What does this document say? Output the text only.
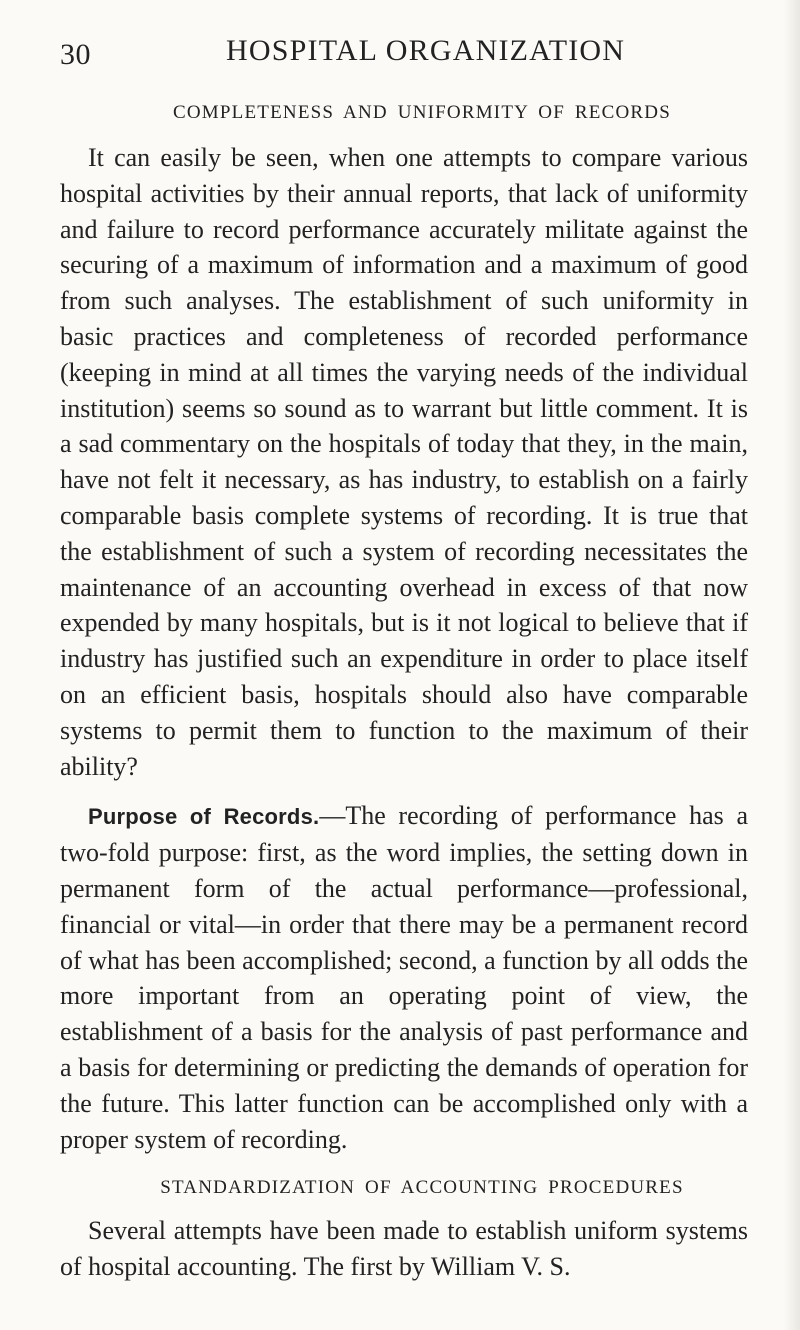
30	HOSPITAL ORGANIZATION
COMPLETENESS AND UNIFORMITY OF RECORDS

It can easily be seen, when one attempts to compare various hospital activities by their annual reports, that lack of uniformity and failure to record performance accurately militate against the securing of a maximum of information and a maximum of good from such analyses. The establishment of such uniformity in basic practices and completeness of recorded performance (keeping in mind at all times the varying needs of the individual institution) seems so sound as to warrant but little comment. It is a sad commentary on the hospitals of today that they, in the main, have not felt it necessary, as has industry, to establish on a fairly comparable basis complete systems of recording. It is true that the establishment of such a system of recording necessitates the maintenance of an accounting overhead in excess of that now expended by many hospitals, but is it not logical to believe that if industry has justified such an expenditure in order to place itself on an efficient basis, hospitals should also have comparable systems to permit them to function to the maximum of their ability?

Purpose of Records.—The recording of performance has a two-fold purpose: first, as the word implies, the setting down in permanent form of the actual performance—professional, financial or vital—in order that there may be a permanent record of what has been accomplished; second, a function by all odds the more important from an operating point of view, the establishment of a basis for the analysis of past performance and a basis for determining or predicting the demands of operation for the future. This latter function can be accomplished only with a proper system of recording.

STANDARDIZATION OF ACCOUNTING PROCEDURES

Several attempts have been made to establish uniform systems of hospital accounting. The first by William V. S.
